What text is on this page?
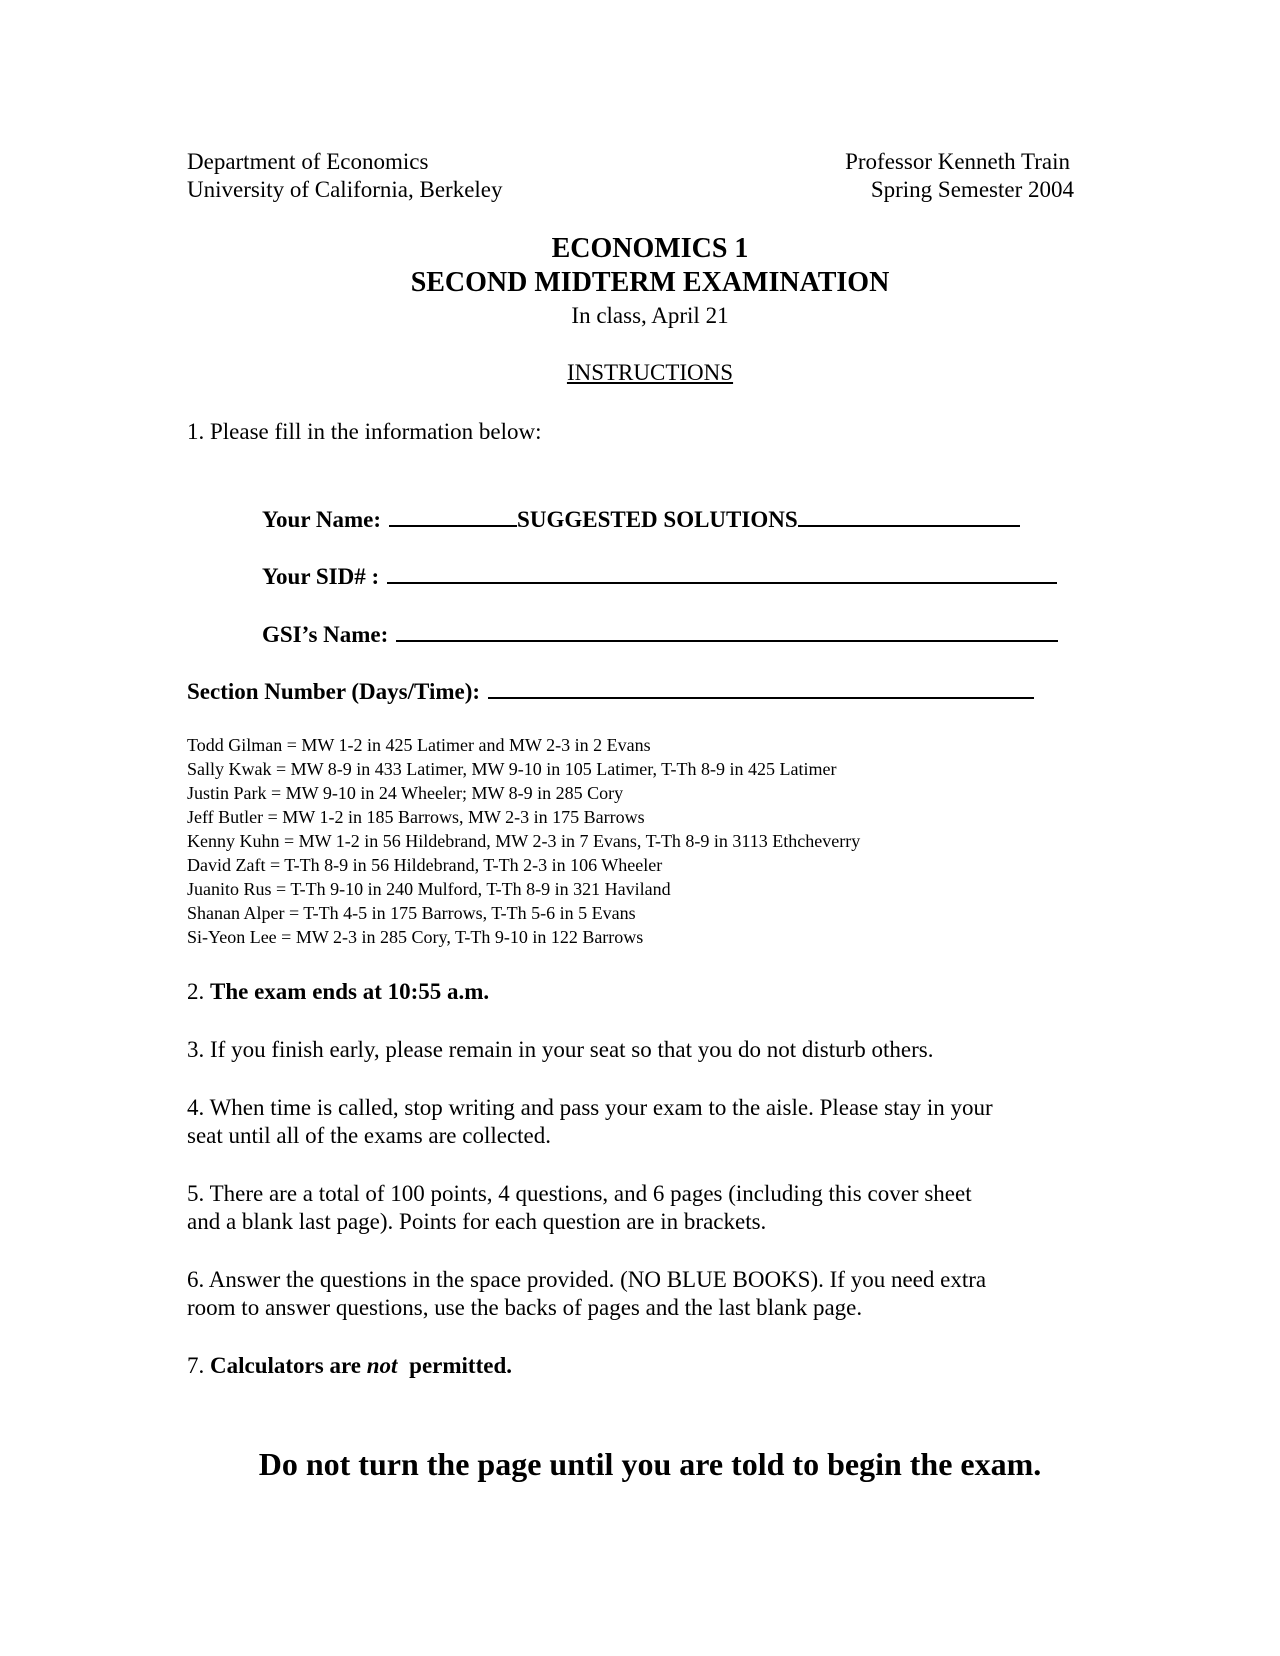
Department of Economics
University of California, Berkeley
Professor Kenneth Train
Spring Semester 2004
ECONOMICS 1
SECOND MIDTERM EXAMINATION
In class, April 21
INSTRUCTIONS
1. Please fill in the information below:
Your Name:	SUGGESTED SOLUTIONS
Your SID# :
GSI’s Name:
Section Number (Days/Time):
Todd Gilman = MW 1-2 in 425 Latimer and MW 2-3 in 2 Evans
Sally Kwak = MW 8-9 in 433 Latimer, MW 9-10 in 105 Latimer, T-Th 8-9 in 425 Latimer
Justin Park = MW 9-10 in 24 Wheeler; MW 8-9 in 285 Cory
Jeff Butler = MW 1-2 in 185 Barrows, MW 2-3 in 175 Barrows
Kenny Kuhn = MW 1-2 in 56 Hildebrand, MW 2-3 in 7 Evans, T-Th 8-9 in 3113 Ethcheverry
David Zaft = T-Th 8-9 in 56 Hildebrand, T-Th 2-3 in 106 Wheeler
Juanito Rus = T-Th 9-10 in 240 Mulford, T-Th 8-9 in 321 Haviland
Shanan Alper = T-Th 4-5 in 175 Barrows, T-Th 5-6 in 5 Evans
Si-Yeon Lee = MW 2-3 in 285 Cory, T-Th 9-10 in 122 Barrows
2. The exam ends at 10:55 a.m.
3. If you finish early, please remain in your seat so that you do not disturb others.
4. When time is called, stop writing and pass your exam to the aisle. Please stay in your
seat until all of the exams are collected.
5. There are a total of 100 points, 4 questions, and 6 pages (including this cover sheet
and a blank last page). Points for each question are in brackets.
6. Answer the questions in the space provided. (NO BLUE BOOKS). If you need extra
room to answer questions, use the backs of pages and the last blank page.
7. Calculators are not permitted.
Do not turn the page until you are told to begin the exam.
